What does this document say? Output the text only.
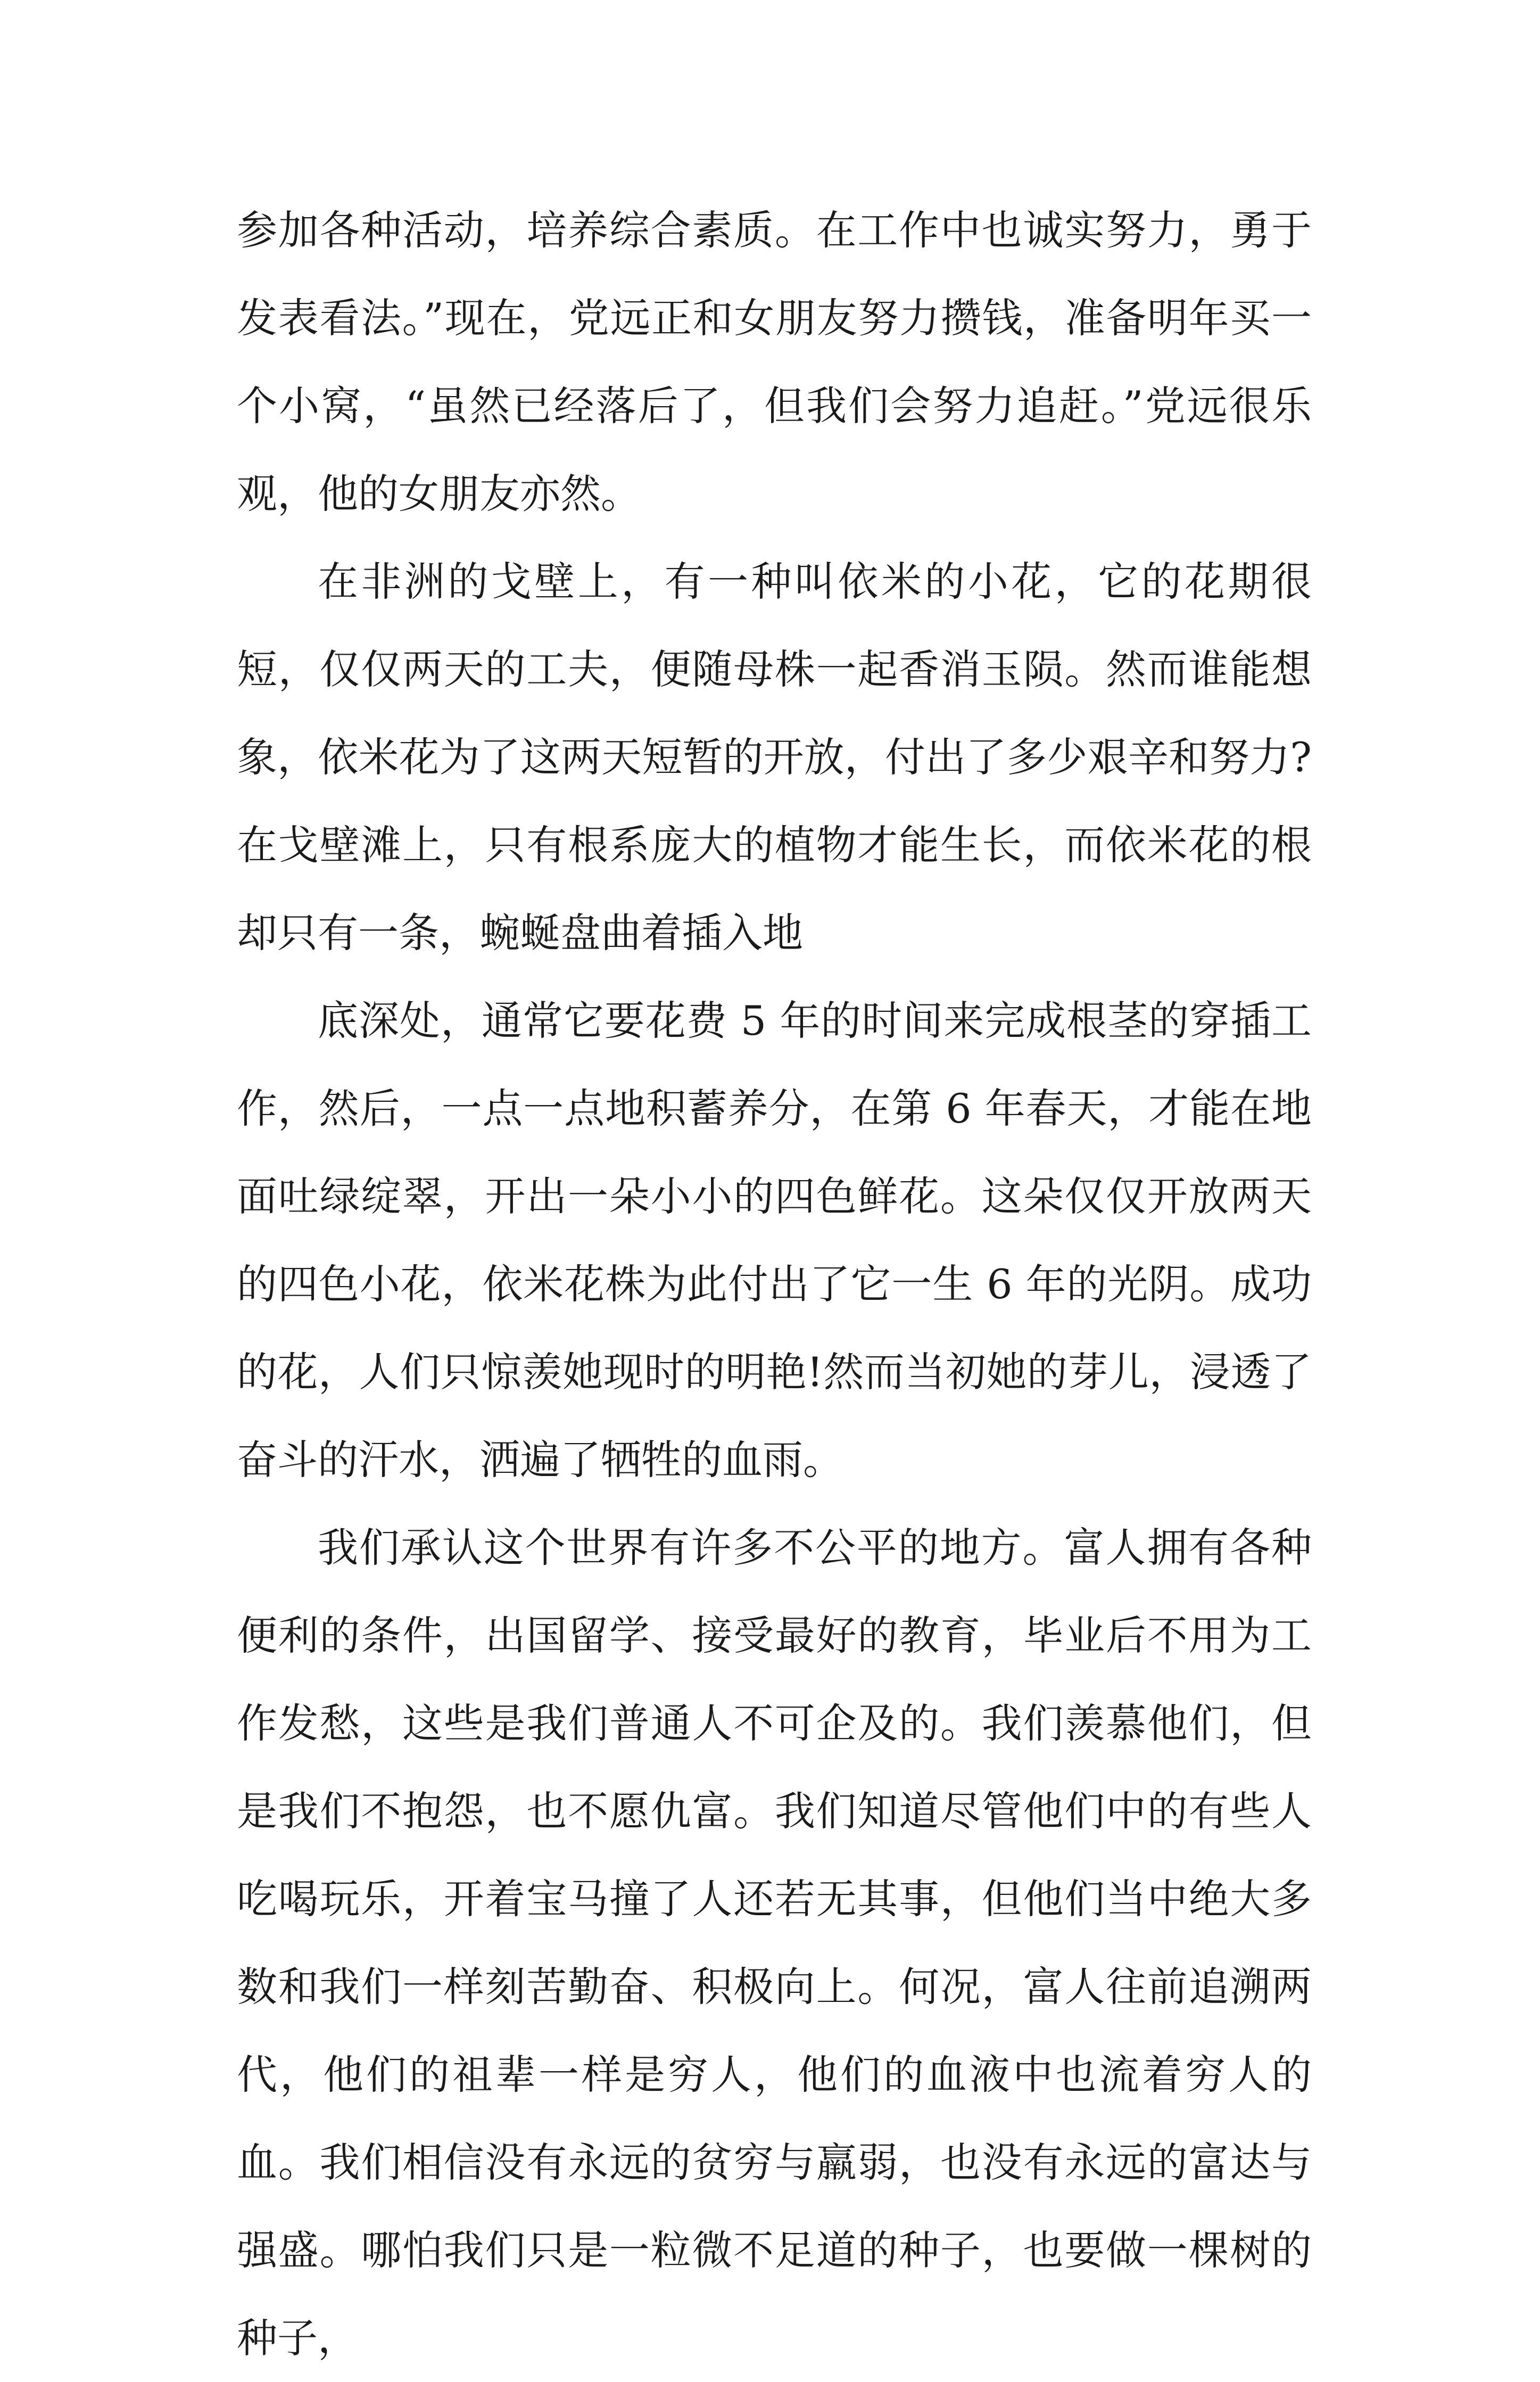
参加各种活动，培养综合素质。在工作中也诚实努力，勇于发表看法。”现在，党远正和女朋友努力攒钱，准备明年买一个小窝，“虽然已经落后了，但我们会努力追赶。”党远很乐观，他的女朋友亦然。

在非洲的戈壁上，有一种叫依米的小花，它的花期很短，仅仅两天的工夫，便随母株一起香消玉陨。然而谁能想象，依米花为了这两天短暂的开放，付出了多少艰辛和努力?在戈壁滩上，只有根系庞大的植物才能生长，而依米花的根却只有一条，蜿蜒盘曲着插入地

底深处，通常它要花费 5 年的时间来完成根茎的穿插工作，然后，一点一点地积蓄养分，在第 6 年春天，才能在地面吐绿绽翠，开出一朵小小的四色鲜花。这朵仅仅开放两天的四色小花，依米花株为此付出了它一生 6 年的光阴。成功的花，人们只惊羡她现时的明艳!然而当初她的芽儿，浸透了奋斗的汗水，洒遍了牺牲的血雨。

我们承认这个世界有许多不公平的地方。富人拥有各种便利的条件，出国留学、接受最好的教育，毕业后不用为工作发愁，这些是我们普通人不可企及的。我们羡慕他们，但是我们不抱怨，也不愿仇富。我们知道尽管他们中的有些人吃喝玩乐，开着宝马撞了人还若无其事，但他们当中绝大多数和我们一样刻苦勤奋、积极向上。何况，富人往前追溯两代，他们的祖辈一样是穷人，他们的血液中也流着穷人的血。我们相信没有永远的贫穷与羸弱，也没有永远的富达与强盛。哪怕我们只是一粒微不足道的种子，也要做一棵树的种子，
